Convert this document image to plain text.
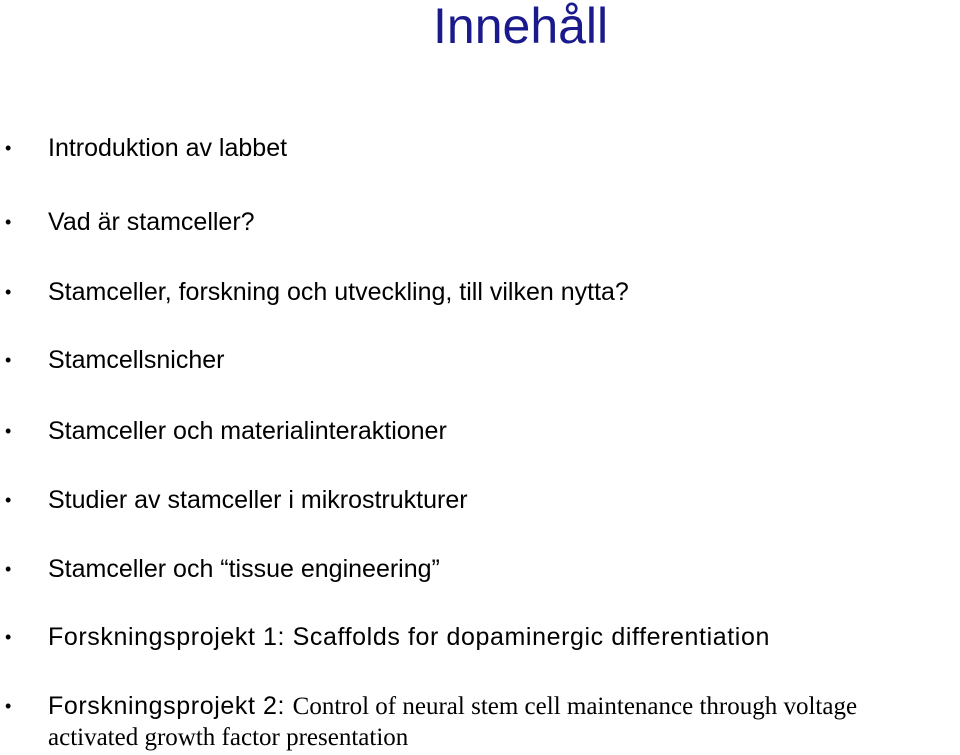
Innehåll
• Introduktion av labbet
• Vad är stamceller?
• Stamceller, forskning och utveckling, till vilken nytta?
• Stamcellsnicher
• Stamceller och materialinteraktioner
• Studier av stamceller i mikrostrukturer
• Stamceller och “tissue engineering”
• Forskningsprojekt 1: Scaffolds for dopaminergic differentiation
• Forskningsprojekt 2: Control of neural stem cell maintenance through voltage
activated growth factor presentation
